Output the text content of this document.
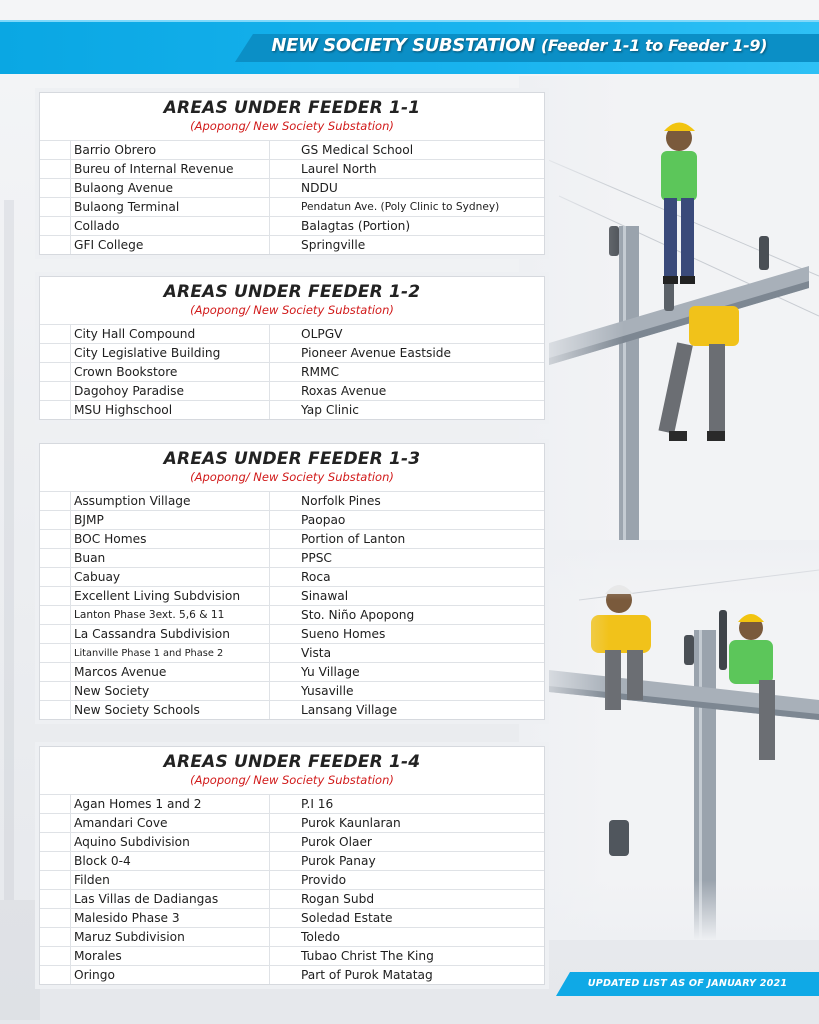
NEW SOCIETY SUBSTATION (Feeder 1-1 to Feeder 1-9)
AREAS UNDER FEEDER 1-1
(Apopong/ New Society Substation)
	Barrio Obrero		GS Medical School
	Bureu of Internal Revenue		Laurel North
	Bulaong Avenue		NDDU
	Bulaong Terminal		Pendatun Ave. (Poly Clinic to Sydney)
	Collado		Balagtas (Portion)
	GFI College		Springville
AREAS UNDER FEEDER 1-2
(Apopong/ New Society Substation)
	City Hall Compound		OLPGV
	City Legislative Building		Pioneer Avenue Eastside
	Crown Bookstore		RMMC
	Dagohoy Paradise		Roxas Avenue
	MSU Highschool		Yap Clinic
AREAS UNDER FEEDER 1-3
(Apopong/ New Society Substation)
	Assumption Village		Norfolk Pines
	BJMP		Paopao
	BOC Homes		Portion of Lanton
	Buan		PPSC
	Cabuay		Roca
	Excellent Living Subdvision		Sinawal
	Lanton Phase 3ext. 5,6 & 11		Sto. Niño Apopong
	La Cassandra Subdivision		Sueno Homes
	Litanville Phase 1 and Phase 2		Vista
	Marcos Avenue		Yu Village
	New Society		Yusaville
	New Society Schools		Lansang Village
AREAS UNDER FEEDER 1-4
(Apopong/ New Society Substation)
	Agan Homes 1 and 2		P.I 16
	Amandari Cove		Purok Kaunlaran
	Aquino Subdivision		Purok Olaer
	Block 0-4		Purok Panay
	Filden		Provido
	Las Villas de Dadiangas		Rogan Subd
	Malesido Phase 3		Soledad Estate
	Maruz Subdivision		Toledo
	Morales		Tubao Christ The King
	Oringo		Part of Purok Matatag
UPDATED LIST AS OF JANUARY 2021
